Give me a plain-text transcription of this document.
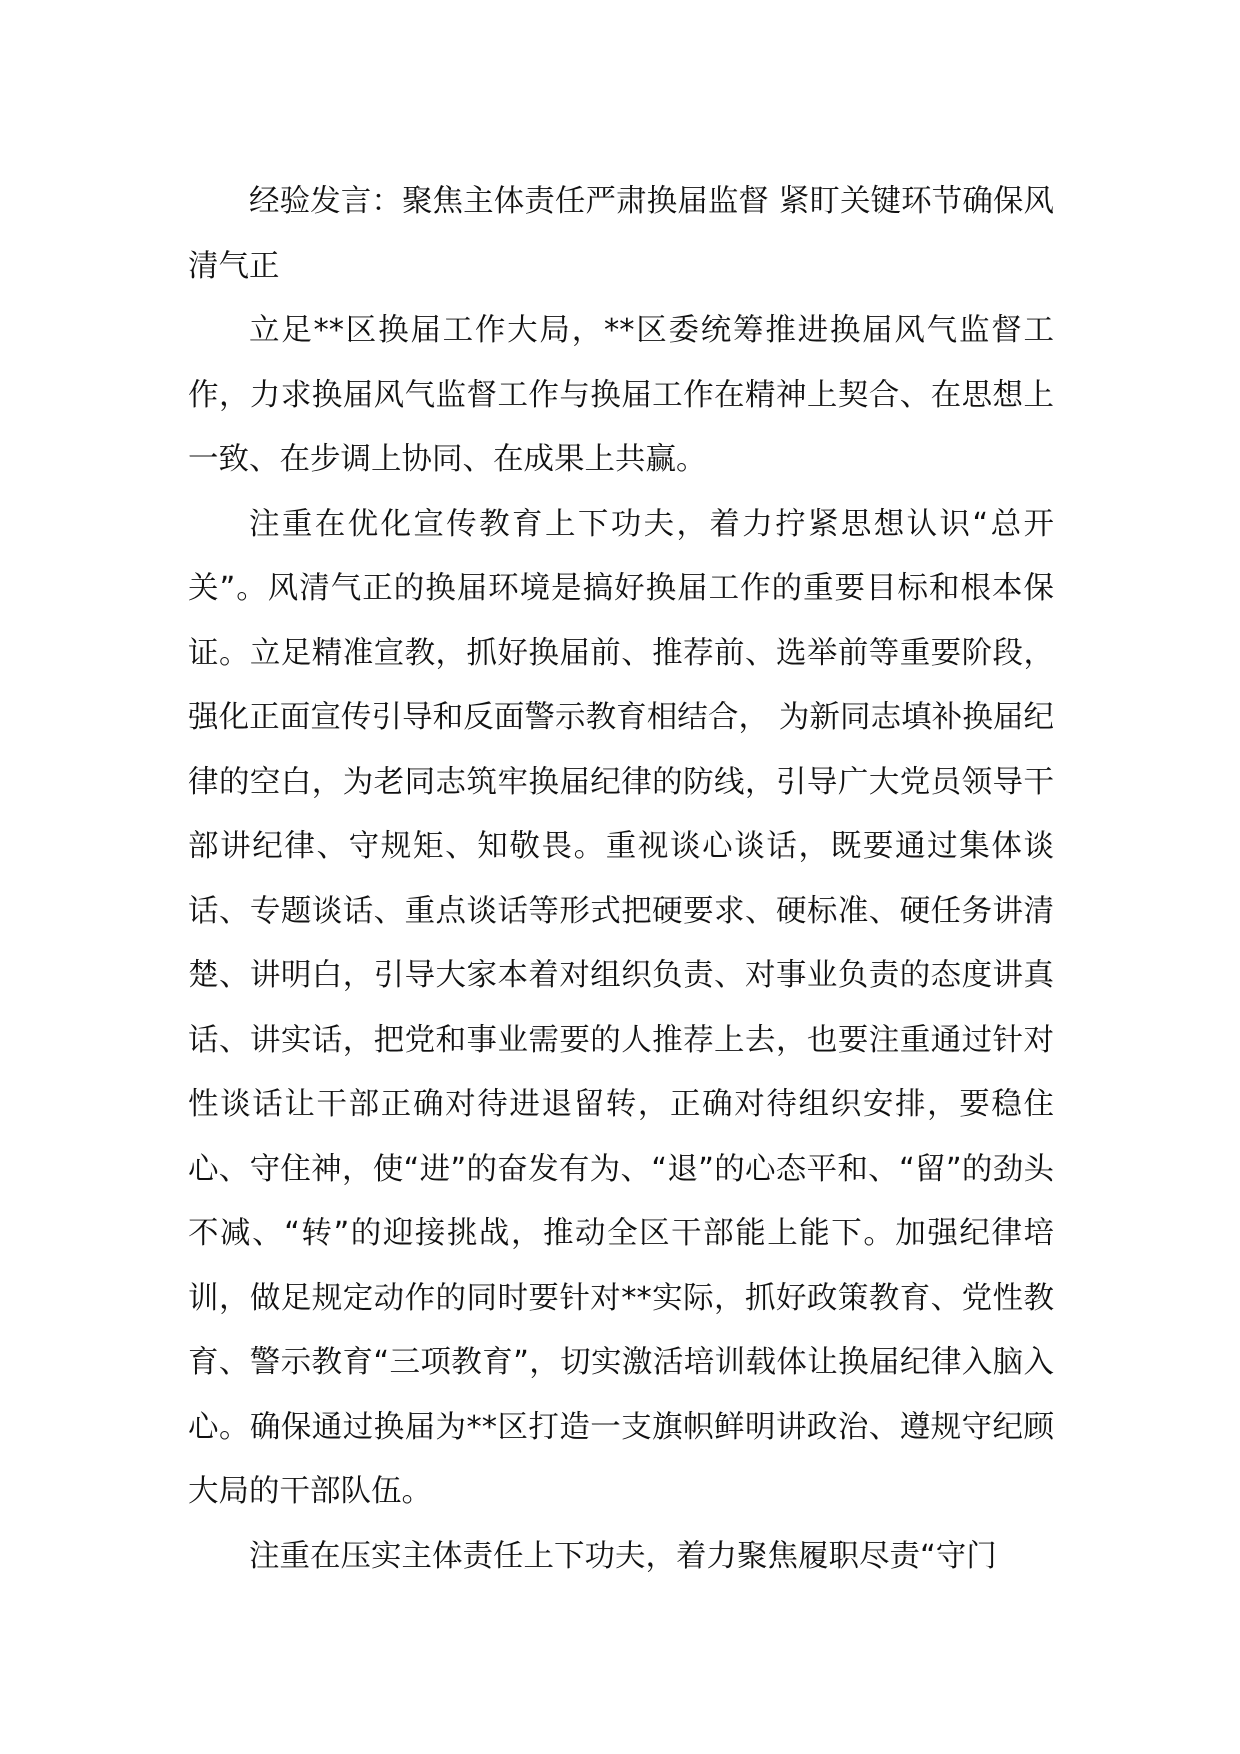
经验发言：聚焦主体责任严肃换届监督 紧盯关键环节确保风清气正

立足**区换届工作大局，**区委统筹推进换届风气监督工作，力求换届风气监督工作与换届工作在精神上契合、在思想上一致、在步调上协同、在成果上共赢。

注重在优化宣传教育上下功夫，着力拧紧思想认识“总开关”。风清气正的换届环境是搞好换届工作的重要目标和根本保证。立足精准宣教，抓好换届前、推荐前、选举前等重要阶段，强化正面宣传引导和反面警示教育相结合， 为新同志填补换届纪律的空白，为老同志筑牢换届纪律的防线，引导广大党员领导干部讲纪律、守规矩、知敬畏。重视谈心谈话，既要通过集体谈话、专题谈话、重点谈话等形式把硬要求、硬标准、硬任务讲清楚、讲明白，引导大家本着对组织负责、对事业负责的态度讲真话、讲实话，把党和事业需要的人推荐上去，也要注重通过针对性谈话让干部正确对待进退留转，正确对待组织安排，要稳住心、守住神，使“进”的奋发有为、“退”的心态平和、“留”的劲头不减、“转”的迎接挑战，推动全区干部能上能下。加强纪律培训，做足规定动作的同时要针对**实际，抓好政策教育、党性教育、警示教育“三项教育”，切实激活培训载体让换届纪律入脑入心。确保通过换届为**区打造一支旗帜鲜明讲政治、遵规守纪顾大局的干部队伍。

注重在压实主体责任上下功夫，着力聚焦履职尽责“守门
